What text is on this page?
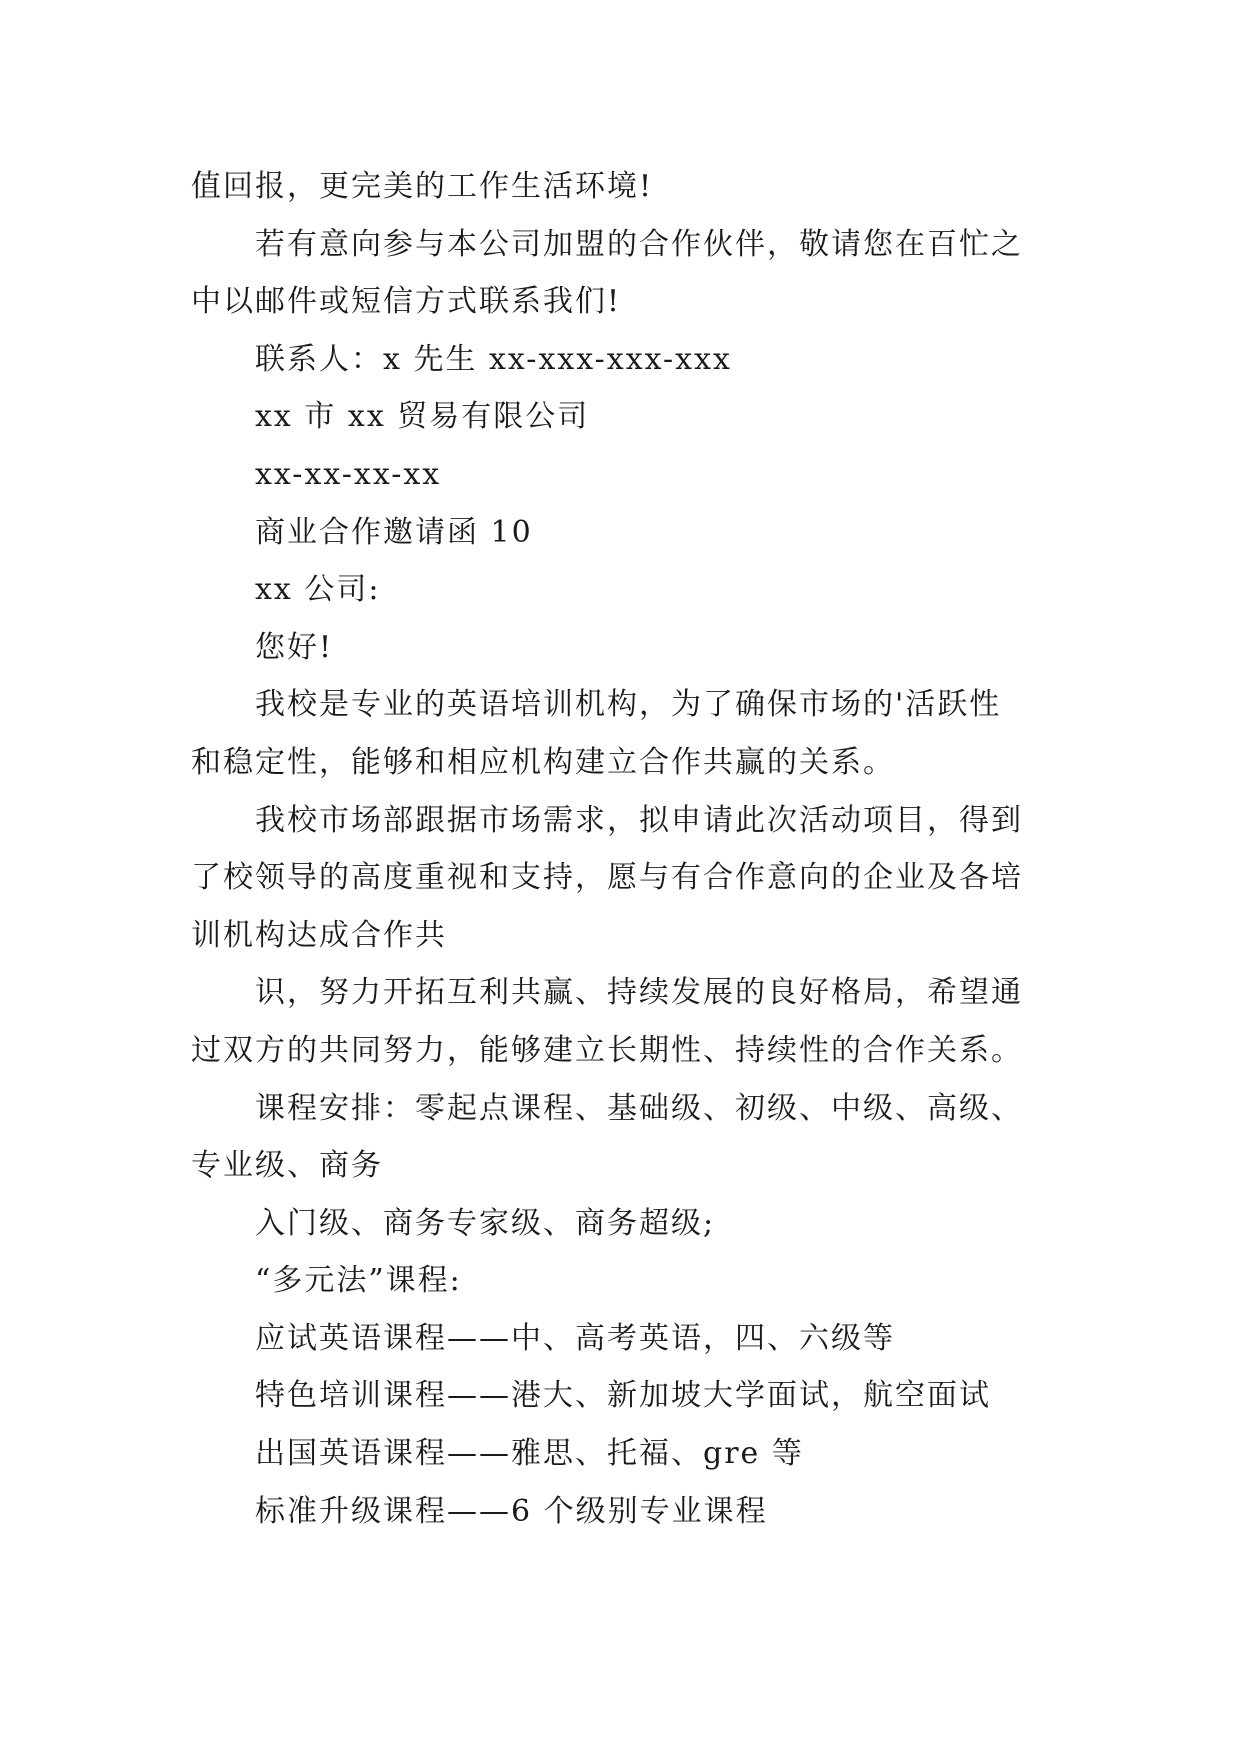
值回报，更完美的工作生活环境!
若有意向参与本公司加盟的合作伙伴，敬请您在百忙之
中以邮件或短信方式联系我们!
联系人：x 先生 xx-xxx-xxx-xxx
xx 市 xx 贸易有限公司
xx-xx-xx-xx
商业合作邀请函 10
xx 公司:
您好!
我校是专业的英语培训机构，为了确保市场的'活跃性
和稳定性，能够和相应机构建立合作共赢的关系。
我校市场部跟据市场需求，拟申请此次活动项目，得到
了校领导的高度重视和支持，愿与有合作意向的企业及各培
训机构达成合作共
识，努力开拓互利共赢、持续发展的良好格局，希望通
过双方的共同努力，能够建立长期性、持续性的合作关系。
课程安排：零起点课程、基础级、初级、中级、高级、
专业级、商务
入门级、商务专家级、商务超级;
“多元法”课程:
应试英语课程——中、高考英语，四、六级等
特色培训课程——港大、新加坡大学面试，航空面试
出国英语课程——雅思、托福、gre 等
标准升级课程——6 个级别专业课程
